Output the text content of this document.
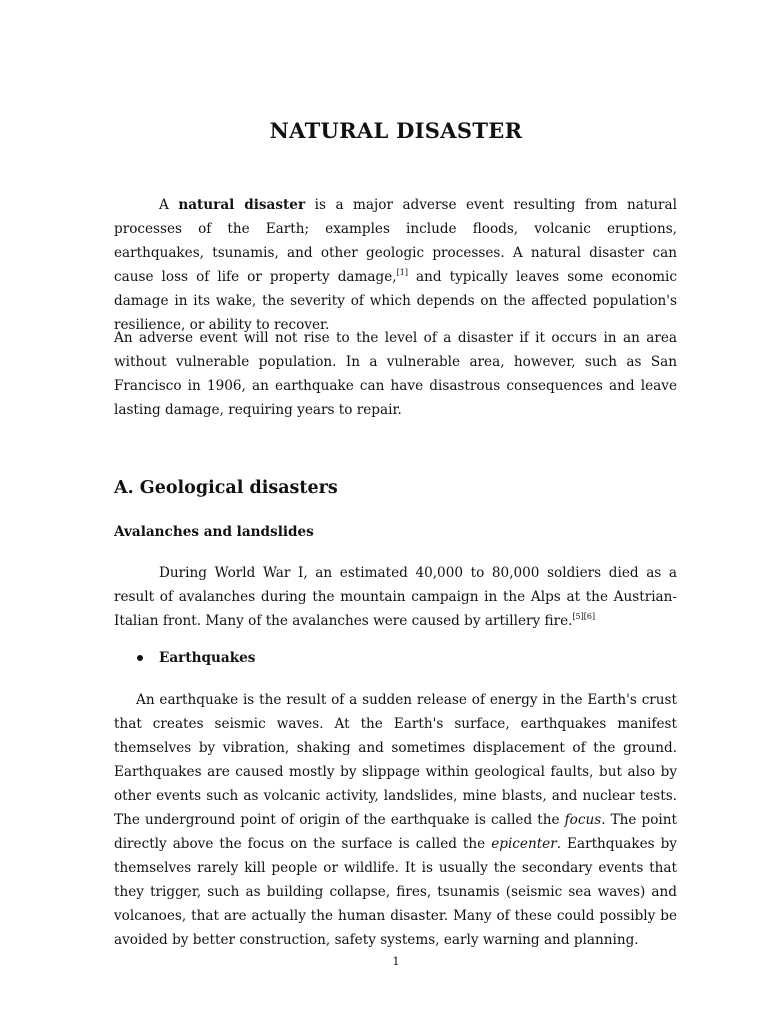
NATURAL DISASTER

A natural disaster is a major adverse event resulting from natural processes of the Earth; examples include floods, volcanic eruptions, earthquakes, tsunamis, and other geologic processes. A natural disaster can cause loss of life or property damage,[1] and typically leaves some economic damage in its wake, the severity of which depends on the affected population's resilience, or ability to recover.

An adverse event will not rise to the level of a disaster if it occurs in an area without vulnerable population. In a vulnerable area, however, such as San Francisco in 1906, an earthquake can have disastrous consequences and leave lasting damage, requiring years to repair.

A. Geological disasters
Avalanches and landslides

During World War I, an estimated 40,000 to 80,000 soldiers died as a result of avalanches during the mountain campaign in the Alps at the Austrian-Italian front. Many of the avalanches were caused by artillery fire.[5][6]

Earthquakes

An earthquake is the result of a sudden release of energy in the Earth's crust that creates seismic waves. At the Earth's surface, earthquakes manifest themselves by vibration, shaking and sometimes displacement of the ground. Earthquakes are caused mostly by slippage within geological faults, but also by other events such as volcanic activity, landslides, mine blasts, and nuclear tests. The underground point of origin of the earthquake is called the focus. The point directly above the focus on the surface is called the epicenter. Earthquakes by themselves rarely kill people or wildlife. It is usually the secondary events that they trigger, such as building collapse, fires, tsunamis (seismic sea waves) and volcanoes, that are actually the human disaster. Many of these could possibly be avoided by better construction, safety systems, early warning and planning.

1
